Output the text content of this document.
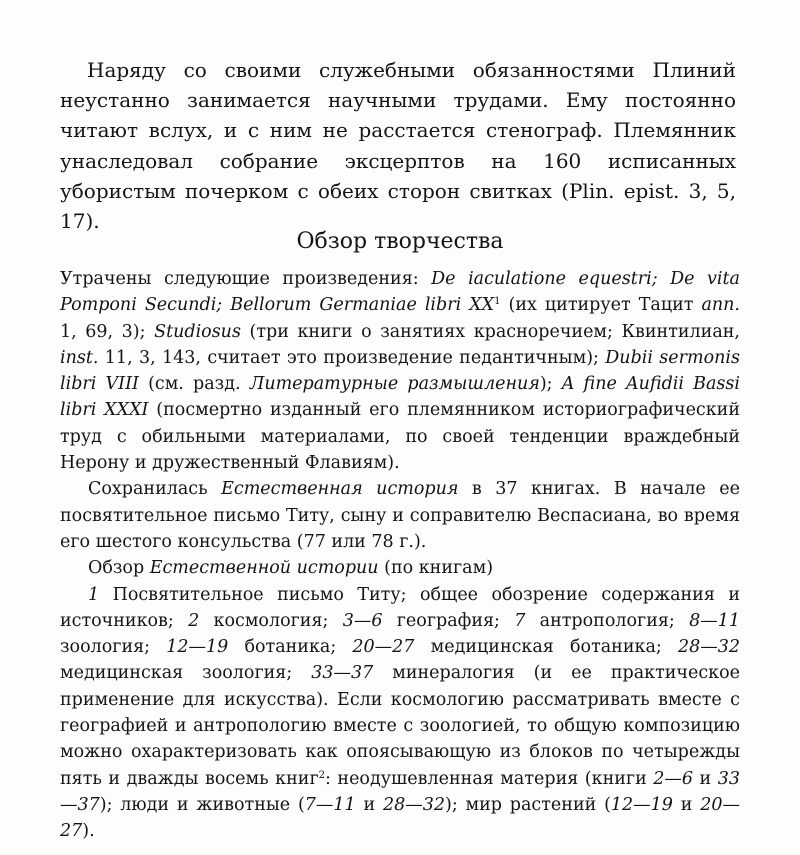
Наряду со своими служебными обязанностями Плиний неустанно занимается научными трудами. Ему постоянно читают вслух, и с ним не расстается стенограф. Племянник унаследовал собрание эксцерптов на 160 исписанных убористым почерком с обеих сторон свитках (Plin. epist. 3, 5, 17).

Обзор творчества

Утрачены следующие произведения: De iaculatione equestri; De vita Pomponi Secundi; Bellorum Germaniae libri $XX^1$ (их цитирует Тацит ann. 1, 69, 3); Studiosus (три книги о занятиях красноречием; Квинтилиан, inst. 11, 3, 143, считает это произведение педантичным); Dubii sermonis libri VIII (см. разд. Литературные размышления); A fine Aufidii Bassi libri XXXI (посмертно изданный его племянником историографический труд с обильными материалами, по своей тенденции враждебный Нерону и дружественный Флавиям).

Сохранилась Естественная история в 37 книгах. В начале ее посвятительное письмо Титу, сыну и соправителю Веспасиана, во время его шестого консульства (77 или 78 г.).

Обзор Естественной истории (по книгам)

1 Посвятительное письмо Титу; общее обозрение содержания и источников; 2 космология; 3—6 география; 7 антропология; 8—11 зоология; 12—19 ботаника; 20—27 медицинская ботаника; 28—32 медицинская зоология; 33—37 минералогия (и ее практическое применение для искусства). Если космологию рассматривать вместе с географией и антропологию вместе с зоологией, то общую композицию можно охарактеризовать как опоясывающую из блоков по четырежды пять и дважды восемь книг$^2$: неодушевленная материя (книги 2—6 и 33—37); люди и животные (7—11 и 28—32); мир растений (12—19 и 20—27).
